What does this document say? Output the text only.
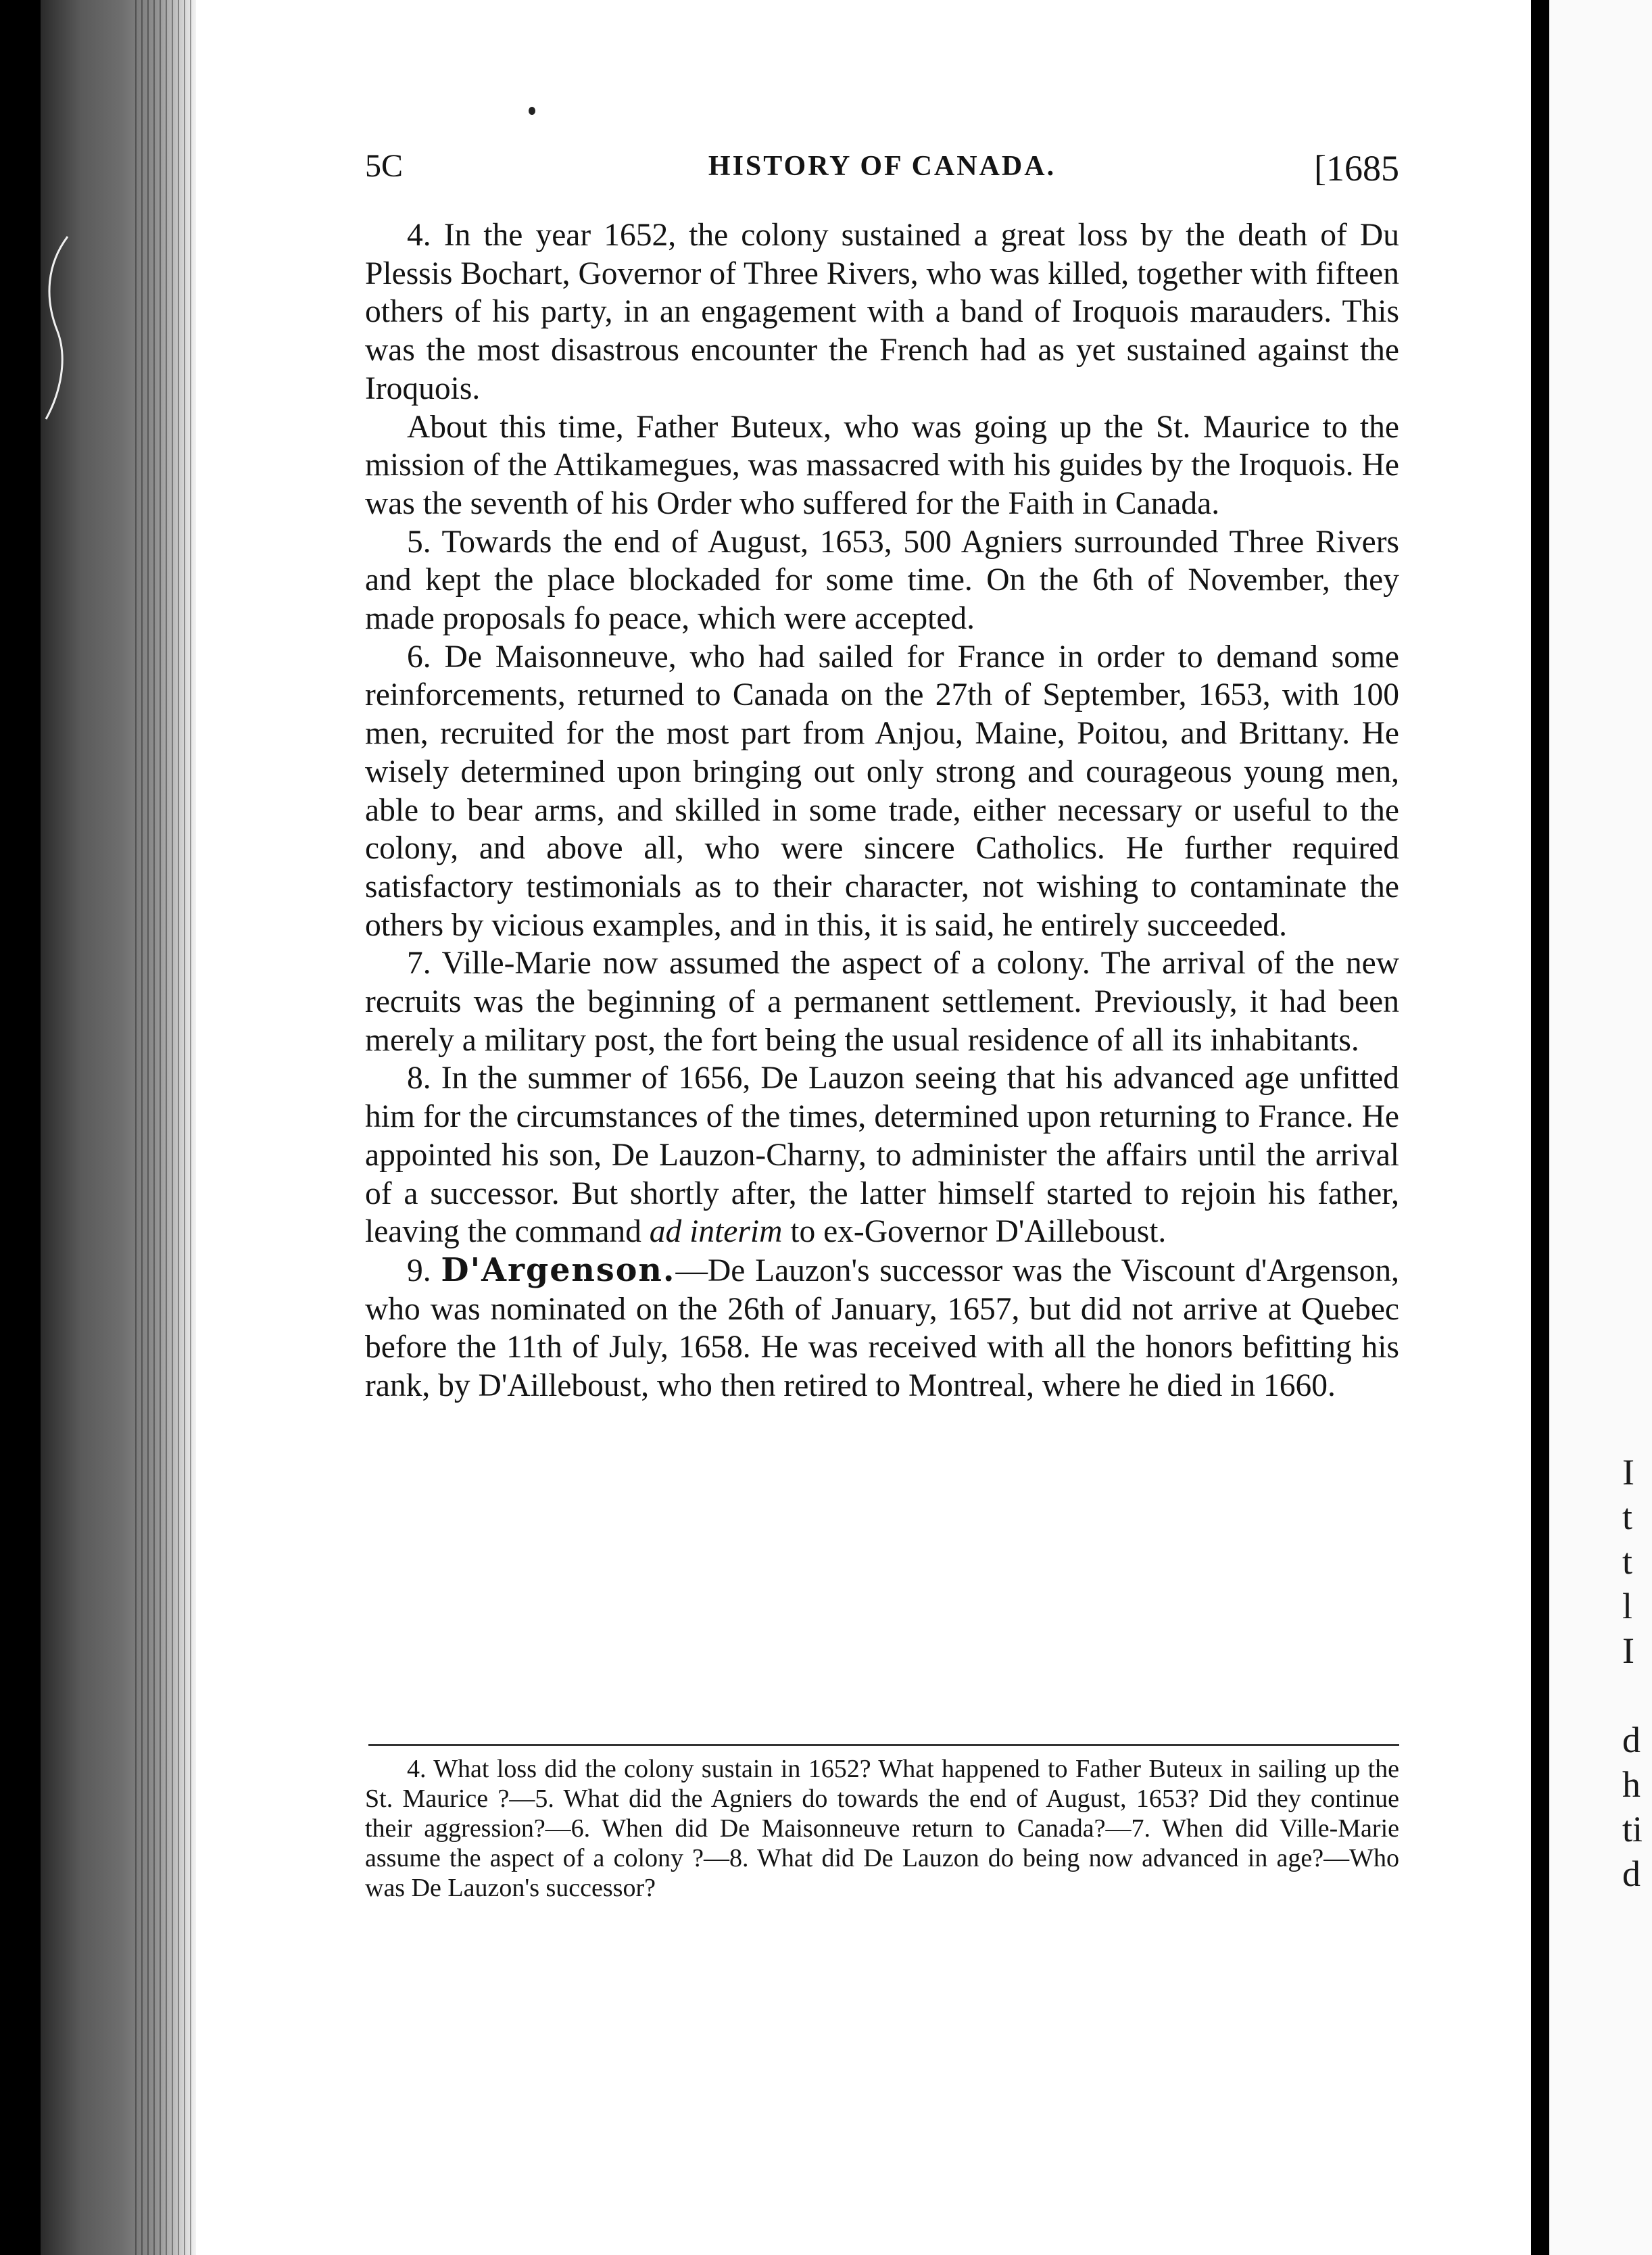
I
t
t
l
I
d
h
ti
d
5C	HISTORY OF CANADA.	[1685

4. In the year 1652, the colony sustained a great loss by the death of Du Plessis Bochart, Governor of Three Rivers, who was killed, together with fifteen others of his party, in an engagement with a band of Iroquois marauders. This was the most disastrous encounter the French had as yet sustained against the Iroquois.

About this time, Father Buteux, who was going up the St. Maurice to the mission of the Attikamegues, was massacred with his guides by the Iroquois. He was the seventh of his Order who suffered for the Faith in Canada.

5. Towards the end of August, 1653, 500 Agniers surrounded Three Rivers and kept the place blockaded for some time. On the 6th of November, they made proposals fo peace, which were accepted.

6. De Maisonneuve, who had sailed for France in order to demand some reinforcements, returned to Canada on the 27th of September, 1653, with 100 men, recruited for the most part from Anjou, Maine, Poitou, and Brittany. He wisely determined upon bringing out only strong and courageous young men, able to bear arms, and skilled in some trade, either necessary or useful to the colony, and above all, who were sincere Catholics. He further required satisfactory testimonials as to their character, not wishing to contaminate the others by vicious examples, and in this, it is said, he entirely succeeded.

7. Ville-Marie now assumed the aspect of a colony. The arrival of the new recruits was the beginning of a permanent settlement. Previously, it had been merely a military post, the fort being the usual residence of all its inhabitants.

8. In the summer of 1656, De Lauzon seeing that his advanced age unfitted him for the circumstances of the times, determined upon returning to France. He appointed his son, De Lauzon-Charny, to administer the affairs until the arrival of a successor. But shortly after, the latter himself started to rejoin his father, leaving the command ad interim to ex-Governor D'Ailleboust.

9. D'Argenson.—De Lauzon's successor was the Viscount d'Argenson, who was nominated on the 26th of January, 1657, but did not arrive at Quebec before the 11th of July, 1658. He was received with all the honors befitting his rank, by D'Ailleboust, who then retired to Montreal, where he died in 1660.

4. What loss did the colony sustain in 1652? What happened to Father Buteux in sailing up the St. Maurice ?—5. What did the Agniers do towards the end of August, 1653? Did they continue their aggression?—6. When did De Maisonneuve return to Canada?—7. When did Ville-Marie assume the aspect of a colony ?—8. What did De Lauzon do being now advanced in age?—Who was De Lauzon's successor?
